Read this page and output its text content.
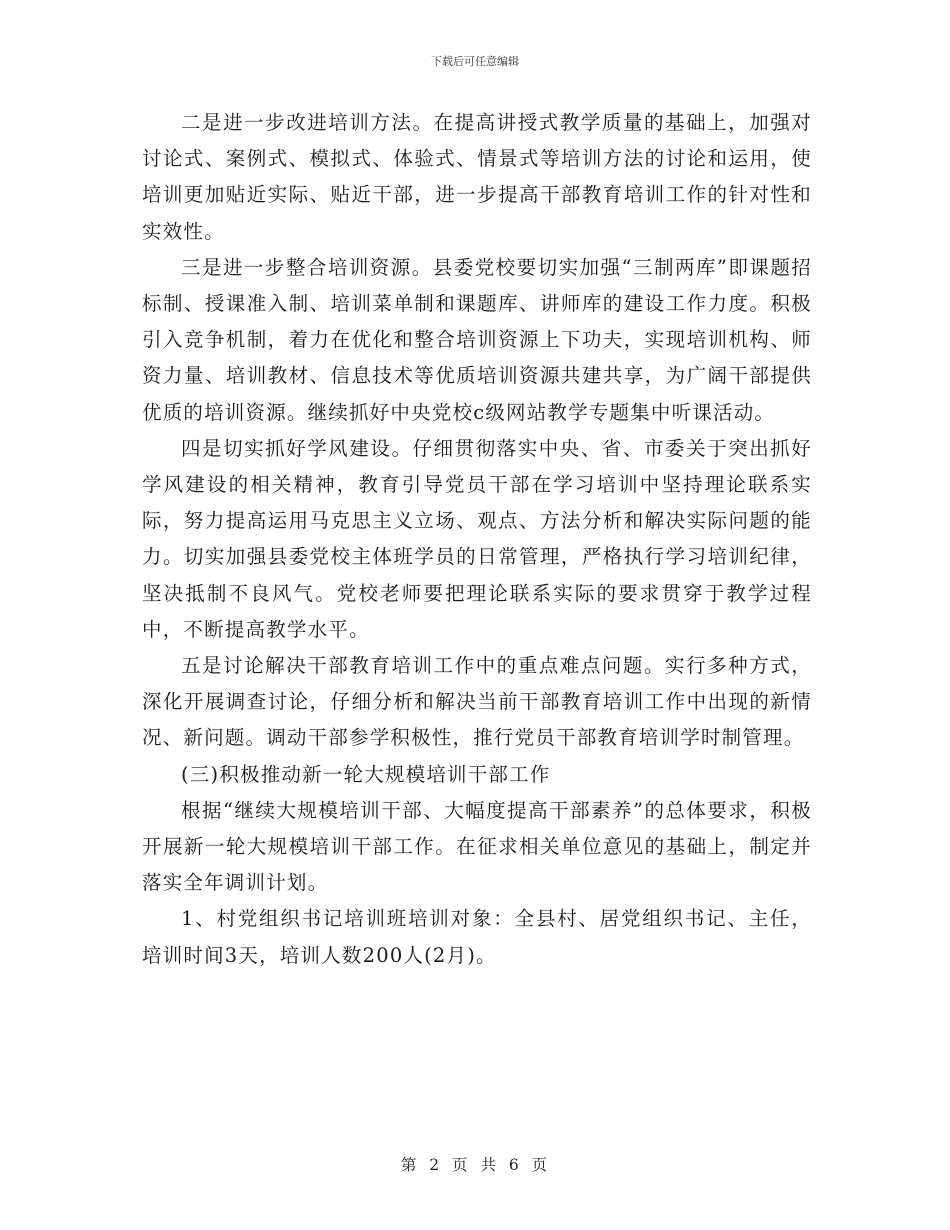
下载后可任意编辑

二是进一步改进培训方法。在提高讲授式教学质量的基础上，加强对讨论式、案例式、模拟式、体验式、情景式等培训方法的讨论和运用，使培训更加贴近实际、贴近干部，进一步提高干部教育培训工作的针对性和实效性。

三是进一步整合培训资源。县委党校要切实加强“三制两库”即课题招标制、授课准入制、培训菜单制和课题库、讲师库的建设工作力度。积极引入竞争机制，着力在优化和整合培训资源上下功夫，实现培训机构、师资力量、培训教材、信息技术等优质培训资源共建共享，为广阔干部提供优质的培训资源。继续抓好中央党校c级网站教学专题集中听课活动。

四是切实抓好学风建设。仔细贯彻落实中央、省、市委关于突出抓好学风建设的相关精神，教育引导党员干部在学习培训中坚持理论联系实际，努力提高运用马克思主义立场、观点、方法分析和解决实际问题的能力。切实加强县委党校主体班学员的日常管理，严格执行学习培训纪律，坚决抵制不良风气。党校老师要把理论联系实际的要求贯穿于教学过程中，不断提高教学水平。

五是讨论解决干部教育培训工作中的重点难点问题。实行多种方式，深化开展调查讨论，仔细分析和解决当前干部教育培训工作中出现的新情况、新问题。调动干部参学积极性，推行党员干部教育培训学时制管理。

(三)积极推动新一轮大规模培训干部工作

根据“继续大规模培训干部、大幅度提高干部素养”的总体要求，积极开展新一轮大规模培训干部工作。在征求相关单位意见的基础上，制定并落实全年调训计划。

1、村党组织书记培训班培训对象：全县村、居党组织书记、主任，培训时间3天，培训人数200人(2月)。

第 2 页 共 6 页
